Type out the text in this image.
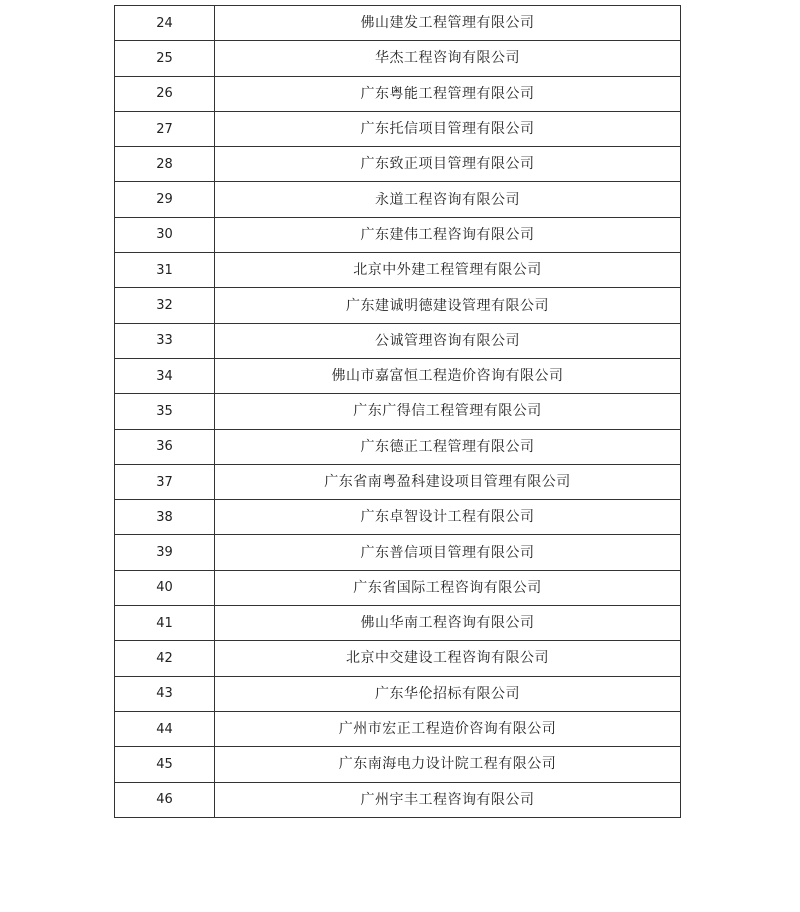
24	佛山建发工程管理有限公司
25	华杰工程咨询有限公司
26	广东粤能工程管理有限公司
27	广东托信项目管理有限公司
28	广东致正项目管理有限公司
29	永道工程咨询有限公司
30	广东建伟工程咨询有限公司
31	北京中外建工程管理有限公司
32	广东建诚明德建设管理有限公司
33	公诚管理咨询有限公司
34	佛山市嘉富恒工程造价咨询有限公司
35	广东广得信工程管理有限公司
36	广东德正工程管理有限公司
37	广东省南粤盈科建设项目管理有限公司
38	广东卓智设计工程有限公司
39	广东普信项目管理有限公司
40	广东省国际工程咨询有限公司
41	佛山华南工程咨询有限公司
42	北京中交建设工程咨询有限公司
43	广东华伦招标有限公司
44	广州市宏正工程造价咨询有限公司
45	广东南海电力设计院工程有限公司
46	广州宇丰工程咨询有限公司
